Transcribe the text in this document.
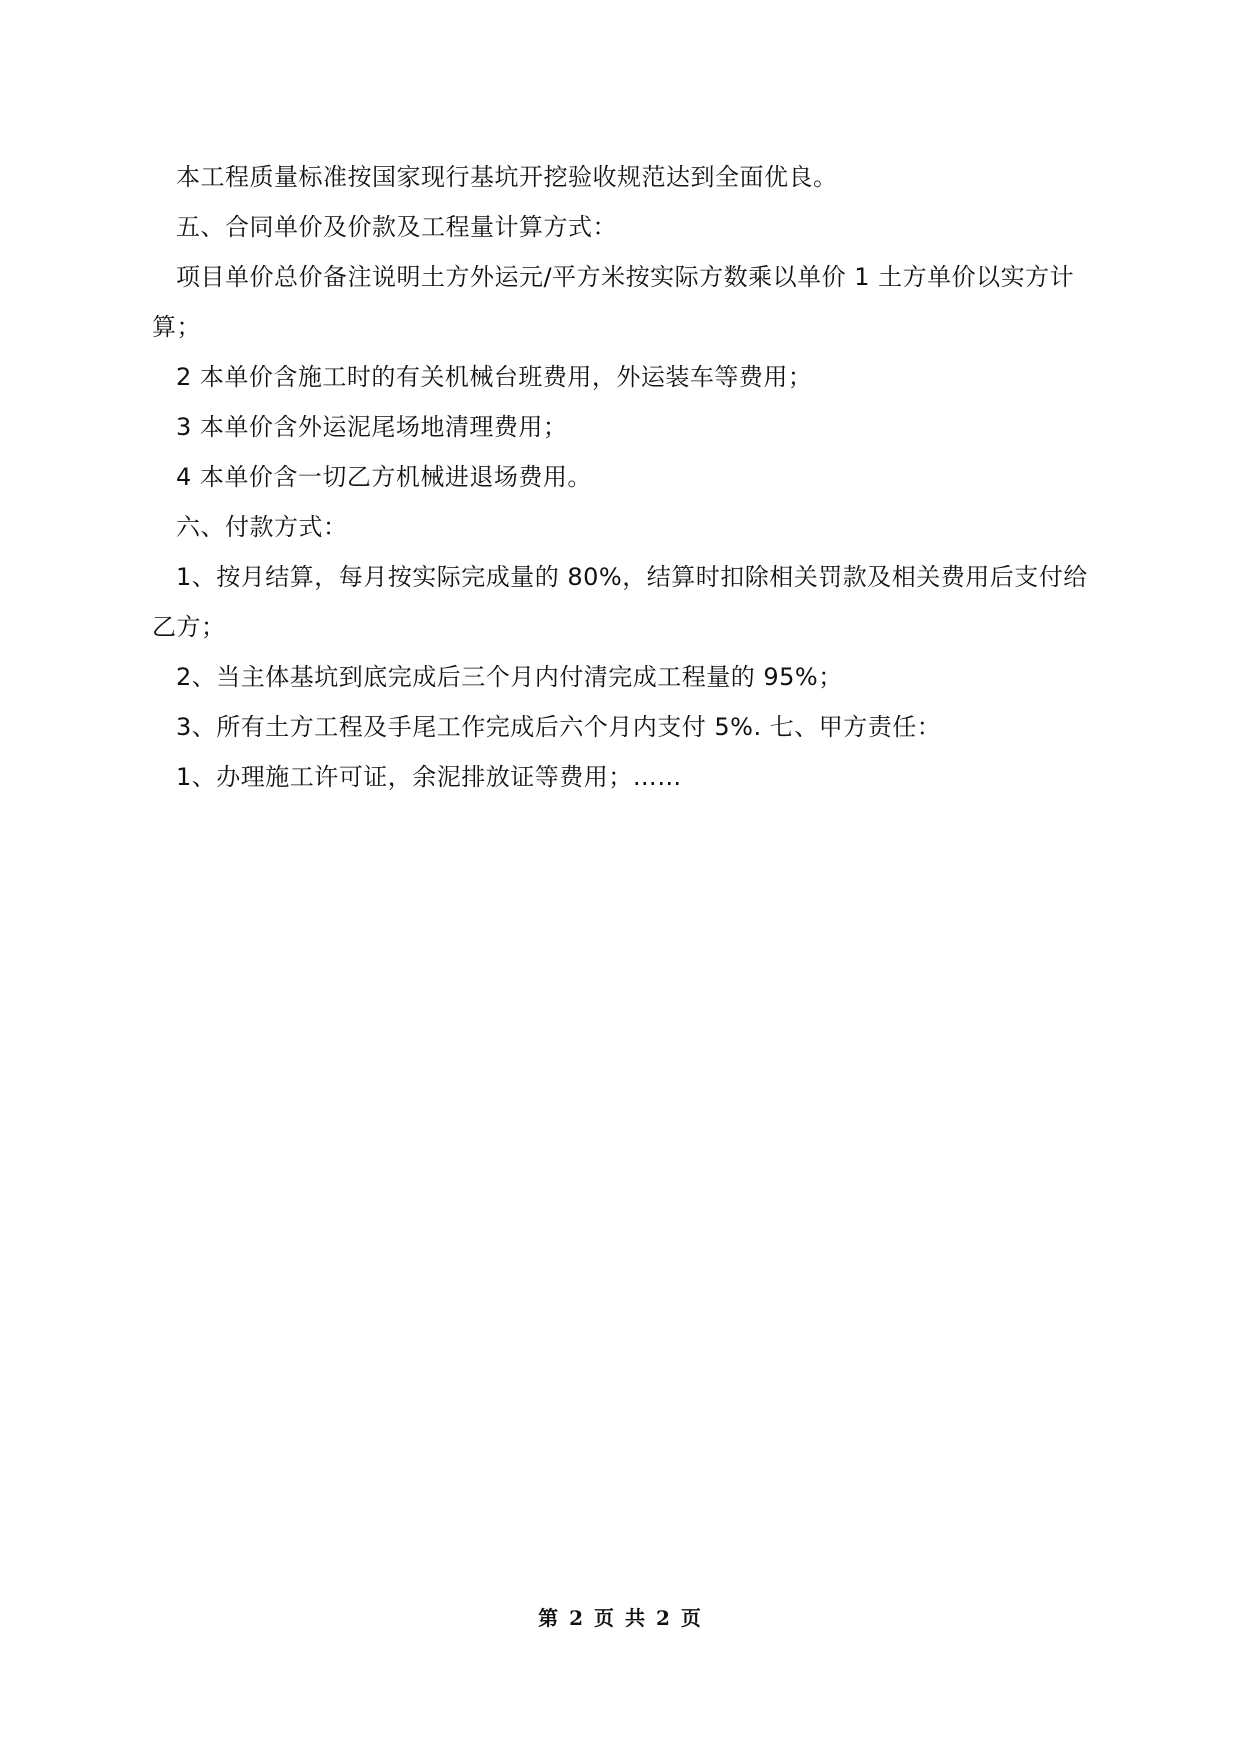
本工程质量标准按国家现行基坑开挖验收规范达到全面优良。

五、合同单价及价款及工程量计算方式：

项目单价总价备注说明土方外运元/平方米按实际方数乘以单价 1 土方单价以实方计算；

2 本单价含施工时的有关机械台班费用，外运装车等费用；

3 本单价含外运泥尾场地清理费用；

4 本单价含一切乙方机械进退场费用。

六、付款方式：

1、按月结算，每月按实际完成量的 80%，结算时扣除相关罚款及相关费用后支付给乙方；

2、当主体基坑到底完成后三个月内付清完成工程量的 95%；

3、所有土方工程及手尾工作完成后六个月内支付 5%. 七、甲方责任：

1、办理施工许可证，余泥排放证等费用；……

第 2 页 共 2 页
